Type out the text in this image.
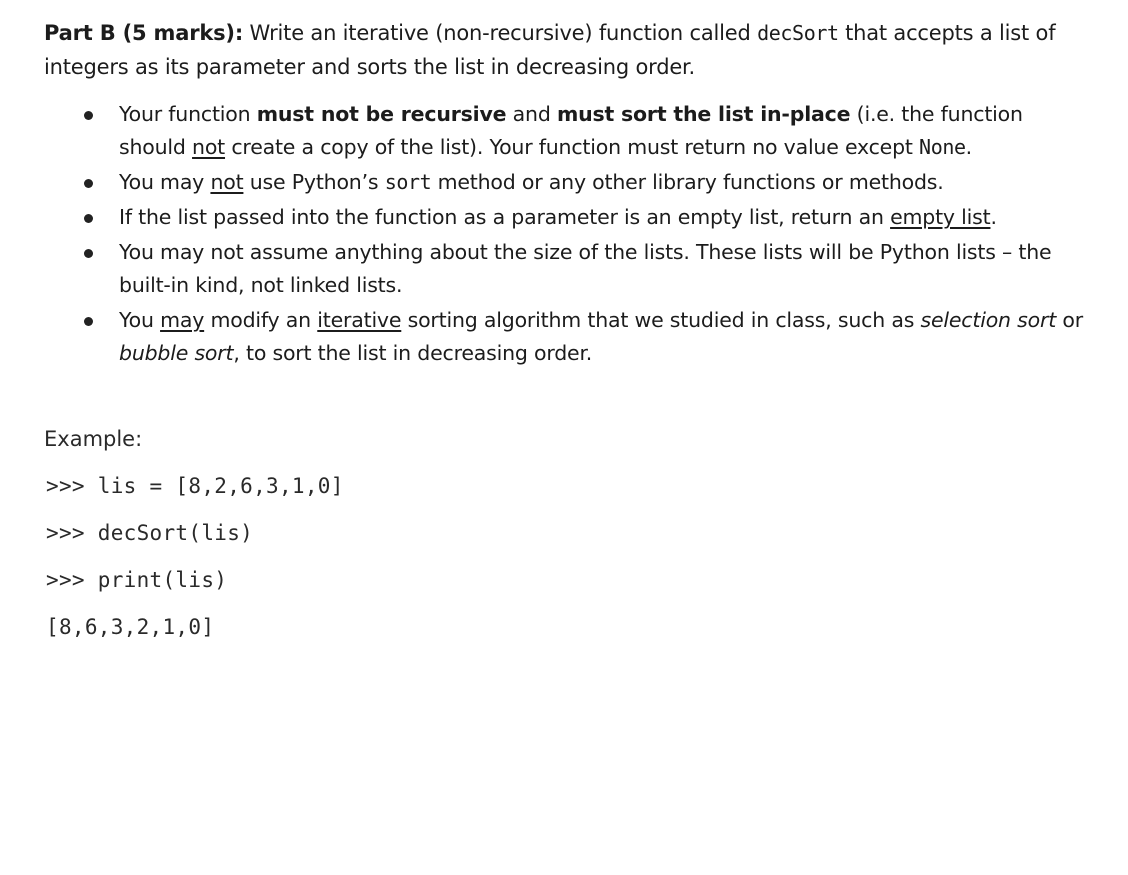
Part B (5 marks): Write an iterative (non-recursive) function called decSort that accepts a list of integers as its parameter and sorts the list in decreasing order.

Your function must not be recursive and must sort the list in-place (i.e. the function should not create a copy of the list). Your function must return no value except None.
You may not use Python’s sort method or any other library functions or methods.
If the list passed into the function as a parameter is an empty list, return an empty list.
You may not assume anything about the size of the lists. These lists will be Python lists – the built-in kind, not linked lists.
You may modify an iterative sorting algorithm that we studied in class, such as selection sort or bubble sort, to sort the list in decreasing order.

Example:

>>> lis = [8,2,6,3,1,0]
>>> decSort(lis)
>>> print(lis)
[8,6,3,2,1,0]
